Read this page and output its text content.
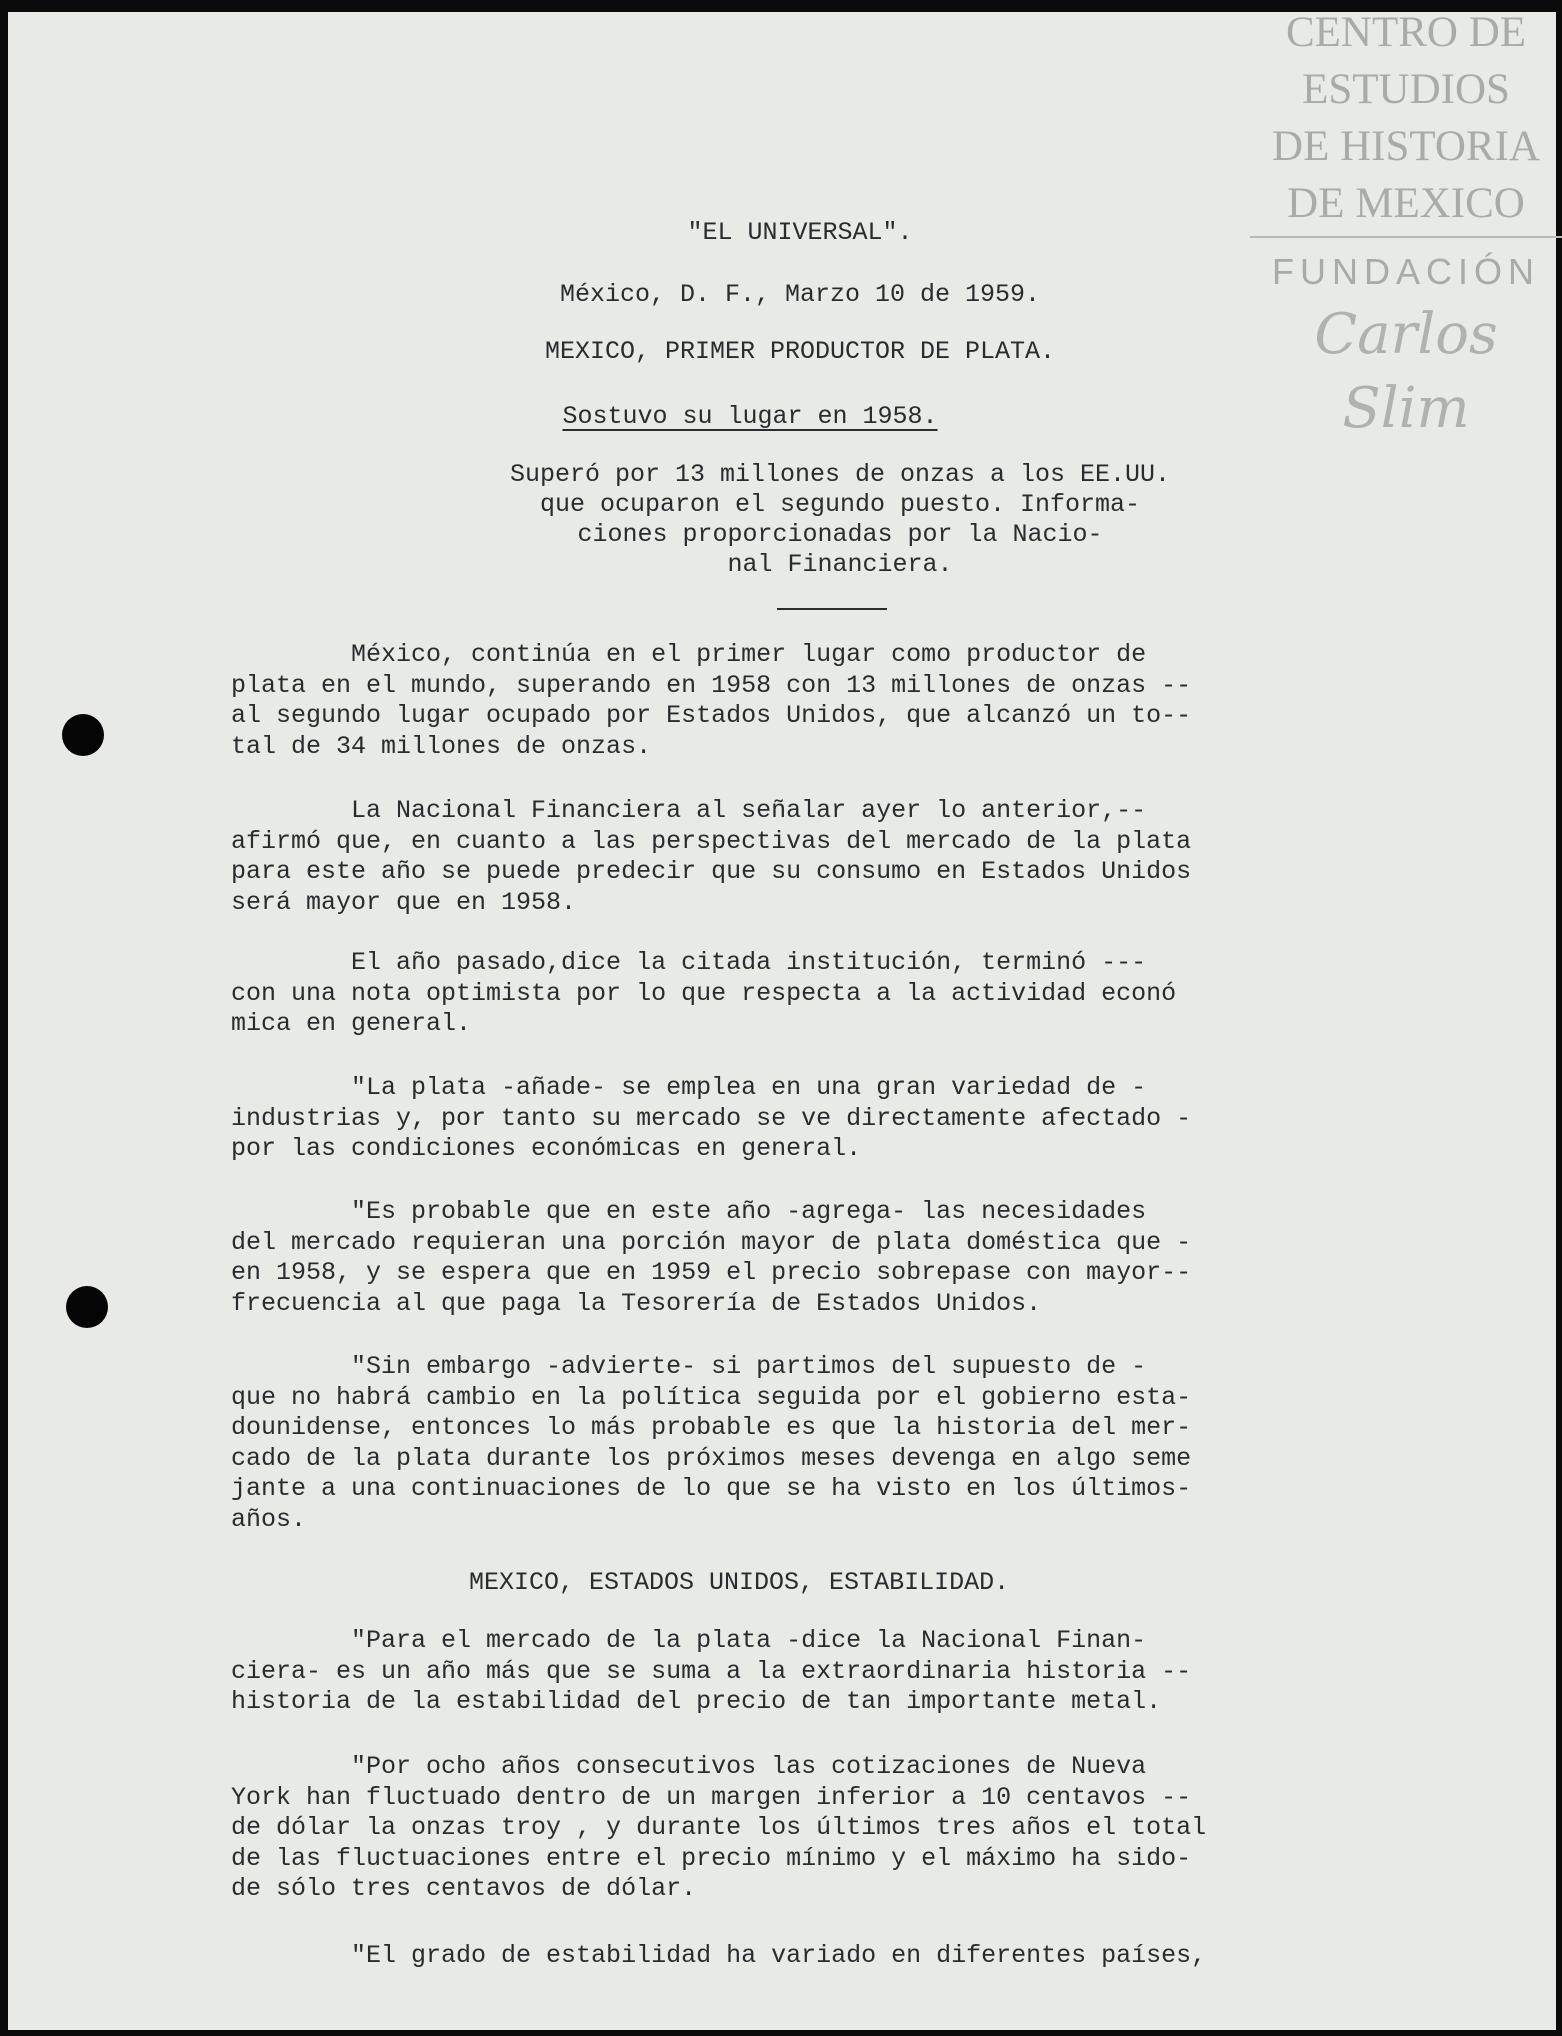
CENTRO DE
ESTUDIOS
DE HISTORIA
DE MEXICO
FUNDACIÓN
Carlos Slim
"EL UNIVERSAL".
México, D. F., Marzo 10 de 1959.
MEXICO, PRIMER PRODUCTOR DE PLATA.
Sostuvo su lugar en 1958.
Superó por 13 millones de onzas a los EE.UU.
que ocuparon el segundo puesto. Informa-
ciones proporcionadas por la Nacio-
nal Financiera.
México, continúa en el primer lugar como productor de
plata en el mundo, superando en 1958 con 13 millones de onzas --
al segundo lugar ocupado por Estados Unidos, que alcanzó un to--
tal de 34 millones de onzas.
La Nacional Financiera al señalar ayer lo anterior,--
afirmó que, en cuanto a las perspectivas del mercado de la plata
para este año se puede predecir que su consumo en Estados Unidos
será mayor que en 1958.
El año pasado,dice la citada institución, terminó ---
con una nota optimista por lo que respecta a la actividad econó
mica en general.
"La plata -añade- se emplea en una gran variedad de -
industrias y, por tanto su mercado se ve directamente afectado -
por las condiciones económicas en general.
"Es probable que en este año -agrega- las necesidades
del mercado requieran una porción mayor de plata doméstica que -
en 1958, y se espera que en 1959 el precio sobrepase con mayor--
frecuencia al que paga la Tesorería de Estados Unidos.
"Sin embargo -advierte- si partimos del supuesto de -
que no habrá cambio en la política seguida por el gobierno esta-
dounidense, entonces lo más probable es que la historia del mer-
cado de la plata durante los próximos meses devenga en algo seme
jante a una continuaciones de lo que se ha visto en los últimos-
años.
MEXICO, ESTADOS UNIDOS, ESTABILIDAD.
"Para el mercado de la plata -dice la Nacional Finan-
ciera- es un año más que se suma a la extraordinaria historia --
historia de la estabilidad del precio de tan importante metal.
"Por ocho años consecutivos las cotizaciones de Nueva
York han fluctuado dentro de un margen inferior a 10 centavos --
de dólar la onzas troy , y durante los últimos tres años el total
de las fluctuaciones entre el precio mínimo y el máximo ha sido-
de sólo tres centavos de dólar.
"El grado de estabilidad ha variado en diferentes países,
